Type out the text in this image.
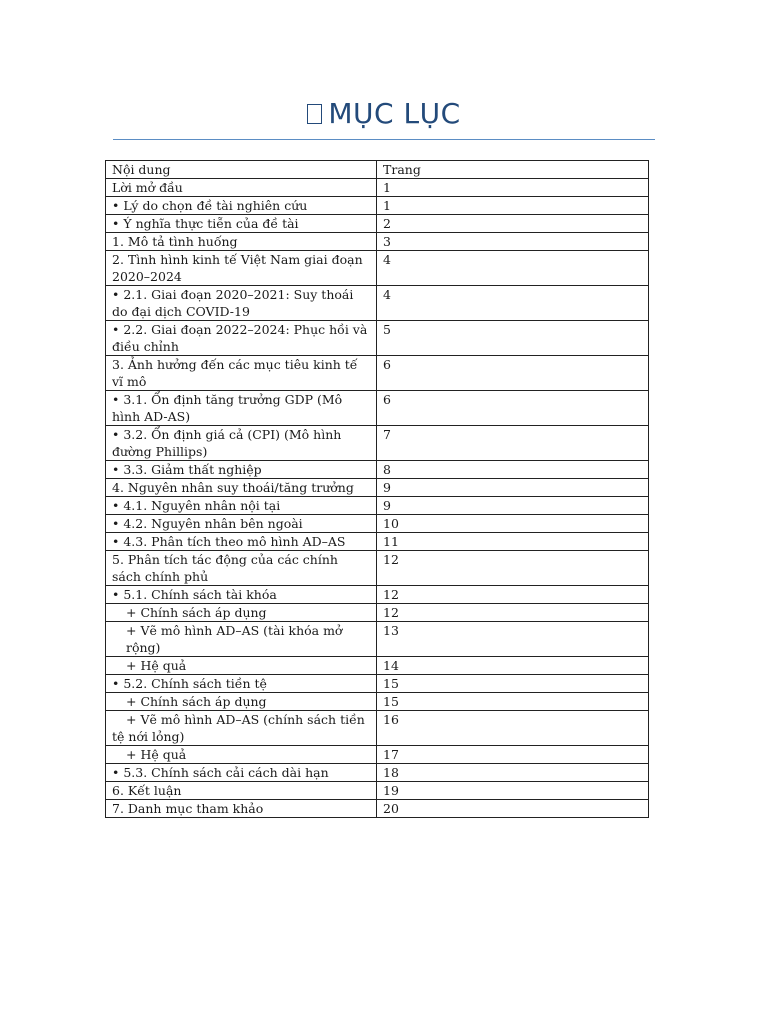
MỤC LỤC
Nội dung	Trang
Lời mở đầu	1
• Lý do chọn đề tài nghiên cứu	1
• Ý nghĩa thực tiễn của đề tài	2
1. Mô tả tình huống	3
2. Tình hình kinh tế Việt Nam giai đoạn 2020–2024	4
• 2.1. Giai đoạn 2020–2021: Suy thoái do đại dịch COVID-19	4
• 2.2. Giai đoạn 2022–2024: Phục hồi và điều chỉnh	5
3. Ảnh hưởng đến các mục tiêu kinh tế vĩ mô	6
• 3.1. Ổn định tăng trưởng GDP (Mô hình AD-AS)	6
• 3.2. Ổn định giá cả (CPI) (Mô hình đường Phillips)	7
• 3.3. Giảm thất nghiệp	8
4. Nguyên nhân suy thoái/tăng trưởng	9
• 4.1. Nguyên nhân nội tại	9
• 4.2. Nguyên nhân bên ngoài	10
• 4.3. Phân tích theo mô hình AD–AS	11
5. Phân tích tác động của các chính sách chính phủ	12
• 5.1. Chính sách tài khóa	12
+ Chính sách áp dụng	12
+ Vẽ mô hình AD–AS (tài khóa mở rộng)	13
+ Hệ quả	14
• 5.2. Chính sách tiền tệ	15
+ Chính sách áp dụng	15
+ Vẽ mô hình AD–AS (chính sách tiền tệ nới lỏng)	16
+ Hệ quả	17
• 5.3. Chính sách cải cách dài hạn	18
6. Kết luận	19
7. Danh mục tham khảo	20
